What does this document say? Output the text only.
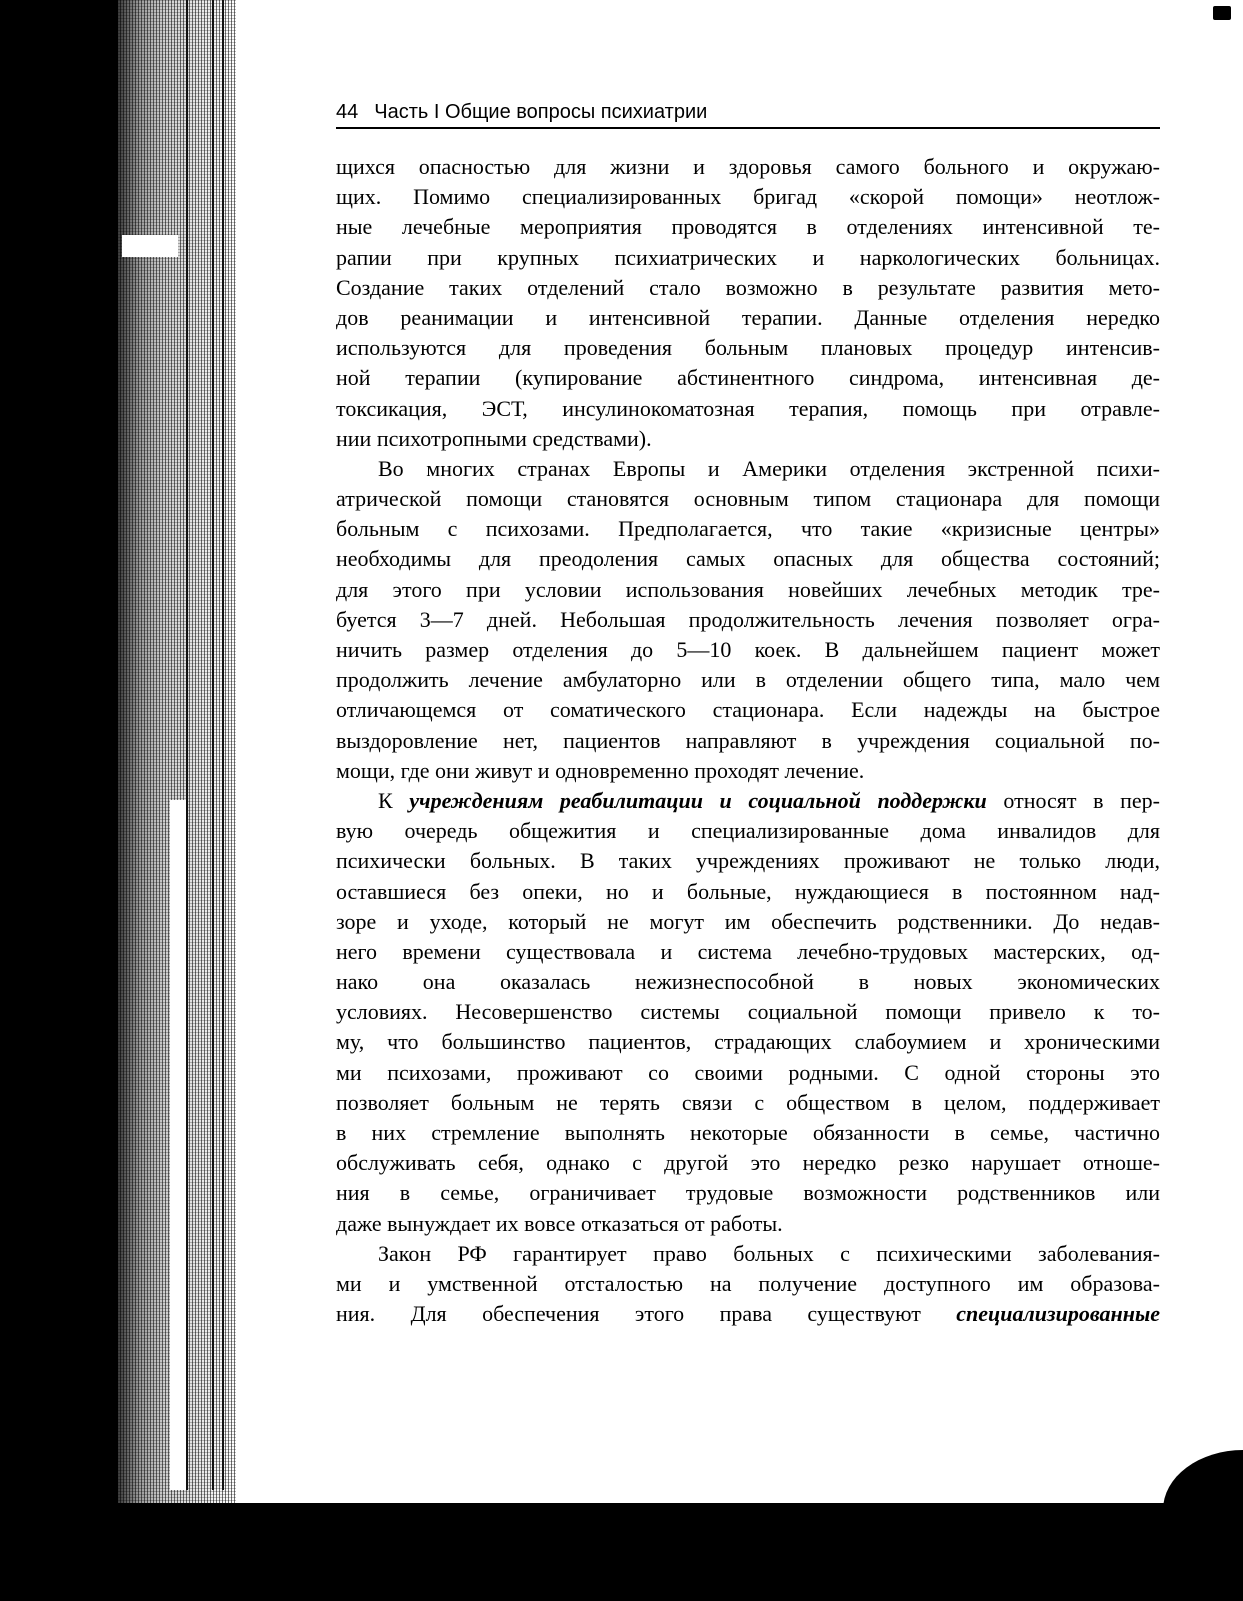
44 Часть I Общие вопросы психиатрии
щихся опасностью для жизни и здоровья самого больного и окружаю-
щих. Помимо специализированных бригад «скорой помощи» неотлож-
ные лечебные мероприятия проводятся в отделениях интенсивной те-
рапии при крупных психиатрических и наркологических больницах.
Создание таких отделений стало возможно в результате развития мето-
дов реанимации и интенсивной терапии. Данные отделения нередко
используются для проведения больным плановых процедур интенсив-
ной терапии (купирование абстинентного синдрома, интенсивная де-
токсикация, ЭСТ, инсулинокоматозная терапия, помощь при отравле-
нии психотропными средствами).
Во многих странах Европы и Америки отделения экстренной психи-
атрической помощи становятся основным типом стационара для помощи
больным с психозами. Предполагается, что такие «кризисные центры»
необходимы для преодоления самых опасных для общества состояний;
для этого при условии использования новейших лечебных методик тре-
буется 3—7 дней. Небольшая продолжительность лечения позволяет огра-
ничить размер отделения до 5—10 коек. В дальнейшем пациент может
продолжить лечение амбулаторно или в отделении общего типа, мало чем
отличающемся от соматического стационара. Если надежды на быстрое
выздоровление нет, пациентов направляют в учреждения социальной по-
мощи, где они живут и одновременно проходят лечение.
К учреждениям реабилитации и социальной поддержки относят в пер-
вую очередь общежития и специализированные дома инвалидов для
психически больных. В таких учреждениях проживают не только люди,
оставшиеся без опеки, но и больные, нуждающиеся в постоянном над-
зоре и уходе, который не могут им обеспечить родственники. До недав-
него времени существовала и система лечебно-трудовых мастерских, од-
нако она оказалась нежизнеспособной в новых экономических
условиях. Несовершенство системы социальной помощи привело к то-
му, что большинство пациентов, страдающих слабоумием и хроническими
ми психозами, проживают со своими родными. С одной стороны это
позволяет больным не терять связи с обществом в целом, поддерживает
в них стремление выполнять некоторые обязанности в семье, частично
обслуживать себя, однако с другой это нередко резко нарушает отноше-
ния в семье, ограничивает трудовые возможности родственников или
даже вынуждает их вовсе отказаться от работы.
Закон РФ гарантирует право больных с психическими заболевания-
ми и умственной отсталостью на получение доступного им образова-
ния. Для обеспечения этого права существуют специализированные
